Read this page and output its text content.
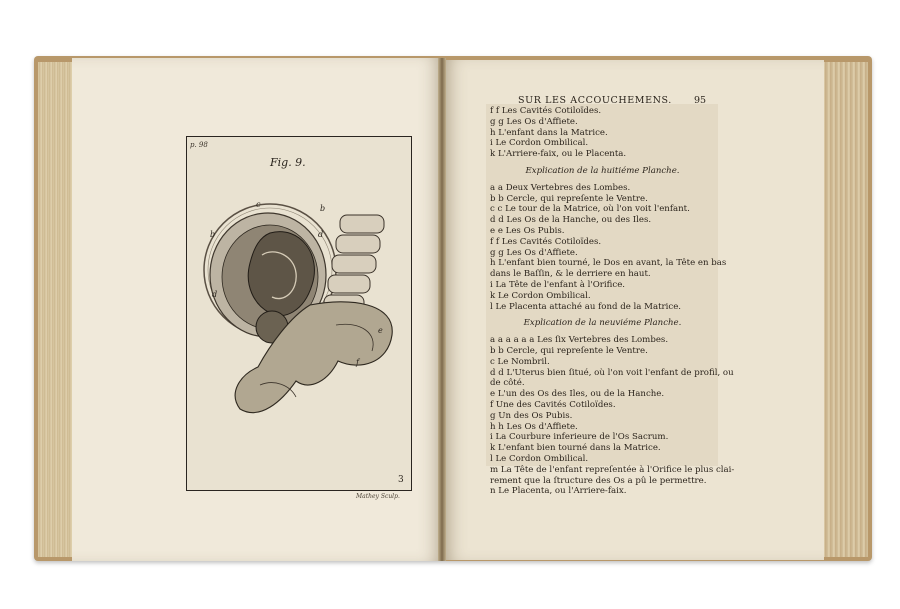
p. 98
Fig. 9.
3
Mathey Sculp.
c	b
b	d
d
e
f
SUR LES ACCOUCHEMENS. 95
f f Les Cavités Cotiloïdes.
g g Les Os d'Affiete.
h L'enfant dans la Matrice.
i Le Cordon Ombilical.
k L'Arriere-faix, ou le Placenta.
Explication de la huitiéme Planche.
a a Deux Vertebres des Lombes.
b b Cercle, qui repreſente le Ventre.
c c Le tour de la Matrice, où l'on voit l'enfant.
d d Les Os de la Hanche, ou des Iles.
e e Les Os Pubis.
f f Les Cavités Cotiloïdes.
g g Les Os d'Affiete.
h L'enfant bien tourné, le Dos en avant, la Tête en bas
dans le Baſſin, & le derriere en haut.
i La Tête de l'enfant à l'Orifice.
k Le Cordon Ombilical.
l Le Placenta attaché au fond de la Matrice.
Explication de la neuviéme Planche.
a a a a a a Les ſix Vertebres des Lombes.
b b Cercle, qui repreſente le Ventre.
c Le Nombril.
d d L'Uterus bien ſitué, où l'on voit l'enfant de profil, ou
de côté.
e L'un des Os des Iles, ou de la Hanche.
f Une des Cavités Cotiloïdes.
g Un des Os Pubis.
h h Les Os d'Affiete.
i La Courbure inferieure de l'Os Sacrum.
k L'enfant bien tourné dans la Matrice.
l Le Cordon Ombilical.
m La Tête de l'enfant repreſentée à l'Orifice le plus clai-
rement que la ſtructure des Os a pû le permettre.
n Le Placenta, ou l'Arriere-faix.
